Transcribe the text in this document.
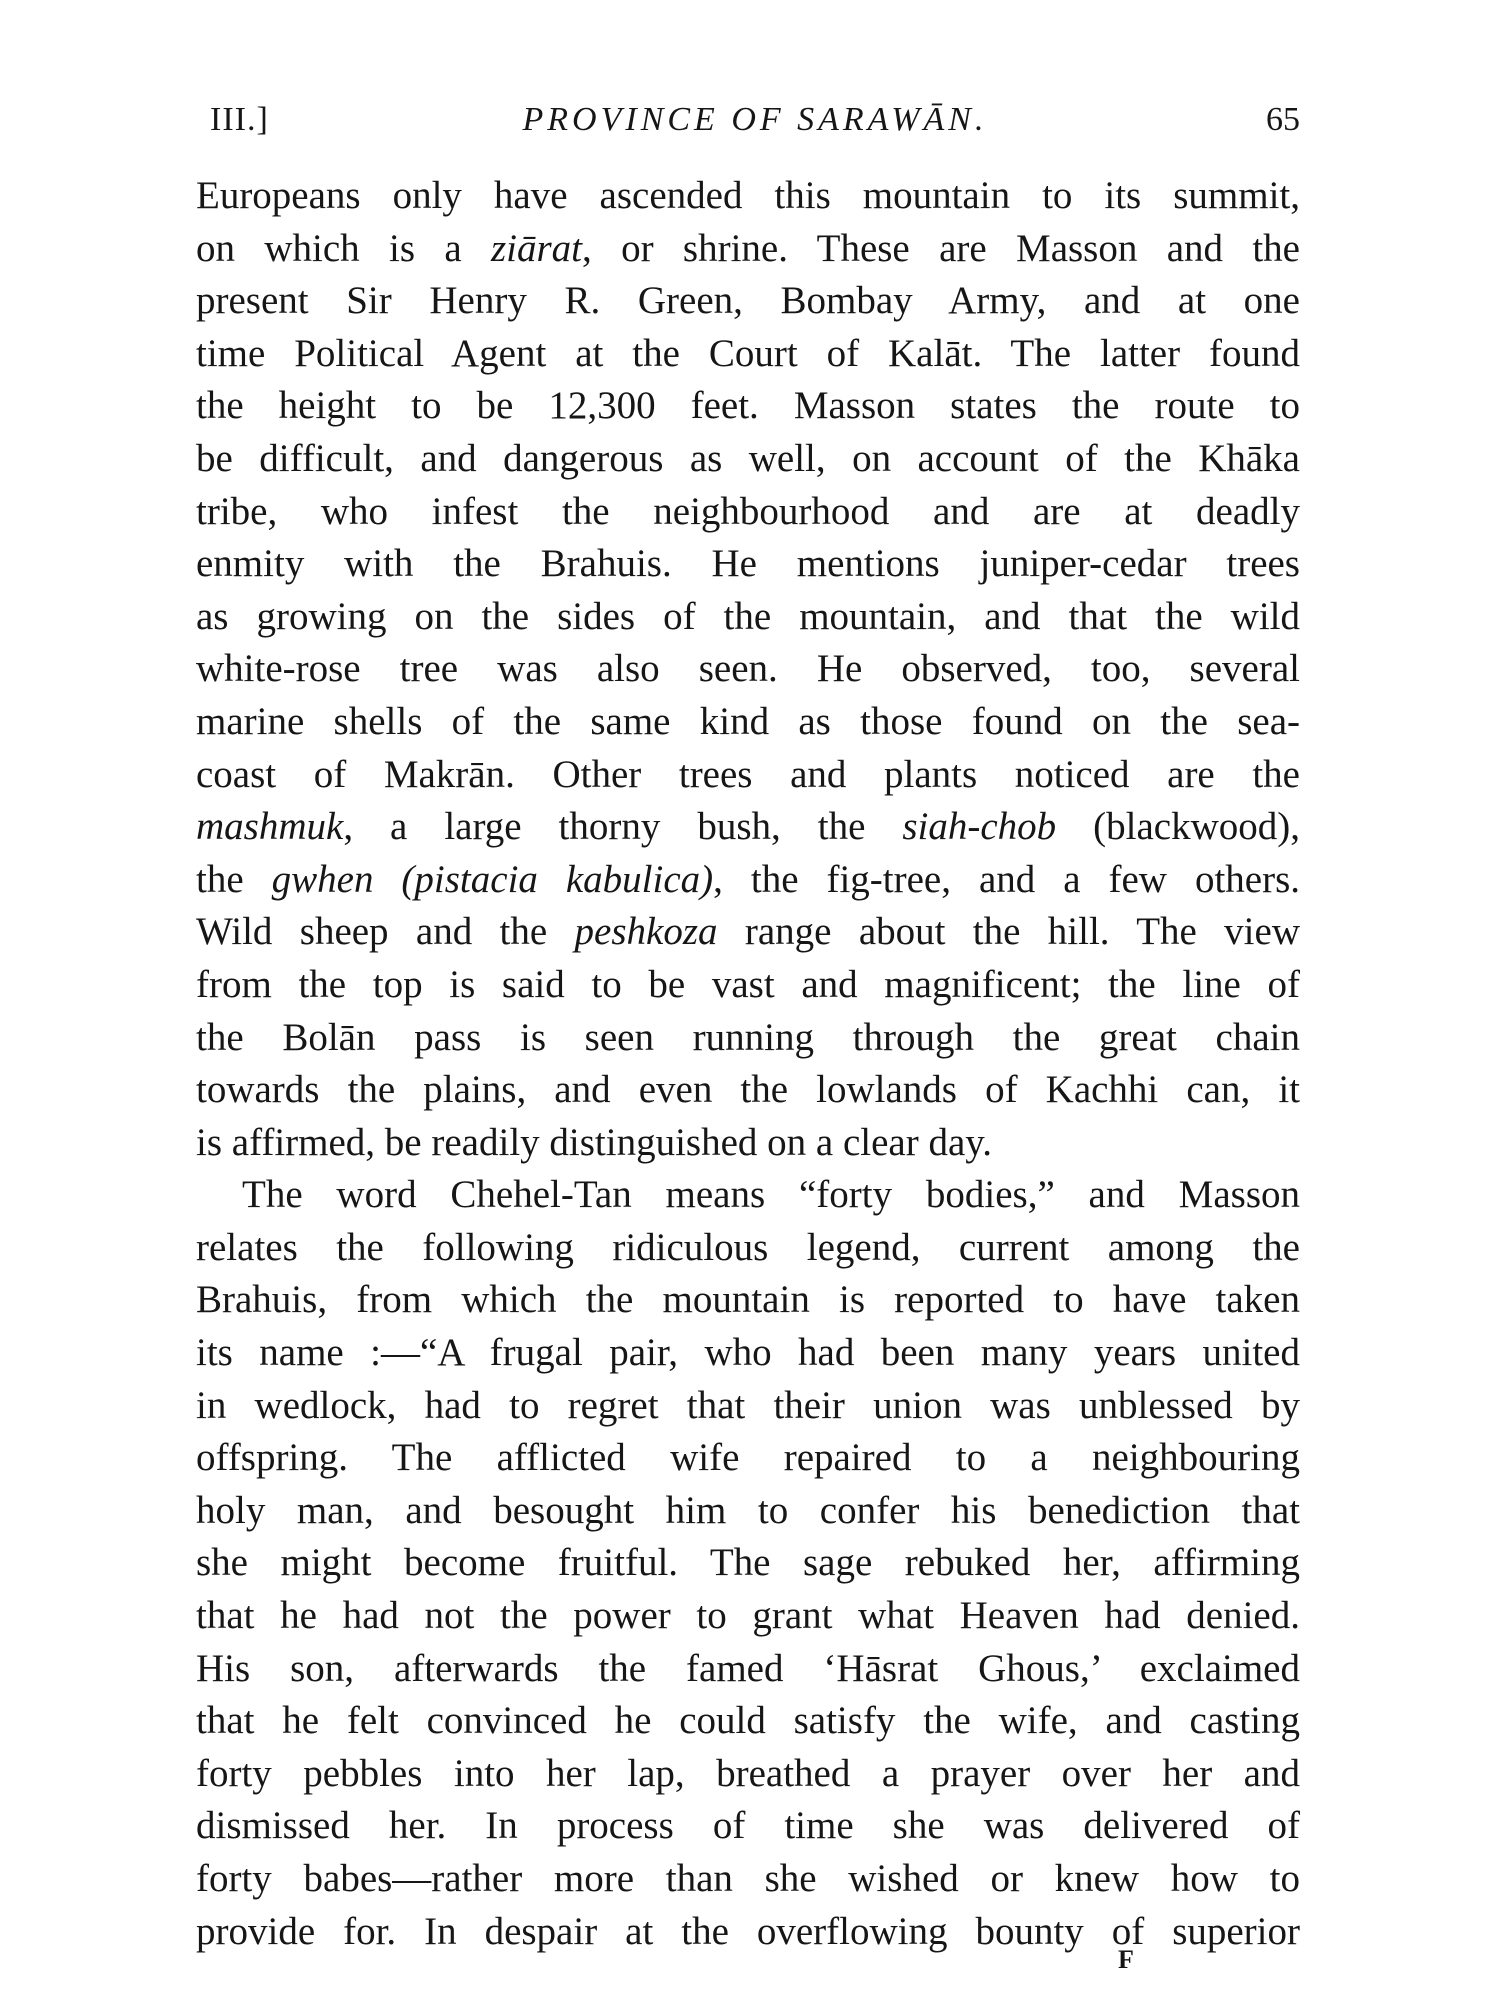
III.]	PROVINCE OF SARAWĀN.	65

Europeans only have ascended this mountain to its summit,
on which is a ziārat, or shrine. These are Masson and the
present Sir Henry R. Green, Bombay Army, and at one
time Political Agent at the Court of Kalāt. The latter found
the height to be 12,300 feet. Masson states the route to
be difficult, and dangerous as well, on account of the Khāka
tribe, who infest the neighbourhood and are at deadly
enmity with the Brahuis. He mentions juniper-cedar trees
as growing on the sides of the mountain, and that the wild
white-rose tree was also seen. He observed, too, several
marine shells of the same kind as those found on the sea-
coast of Makrān. Other trees and plants noticed are the
mashmuk, a large thorny bush, the siah-chob (blackwood),
the gwhen (pistacia kabulica), the fig-tree, and a few others.
Wild sheep and the peshkoza range about the hill. The view
from the top is said to be vast and magnificent; the line of
the Bolān pass is seen running through the great chain
towards the plains, and even the lowlands of Kachhi can, it
is affirmed, be readily distinguished on a clear day.

The word Chehel-Tan means “forty bodies,” and Masson
relates the following ridiculous legend, current among the
Brahuis, from which the mountain is reported to have taken
its name :—“A frugal pair, who had been many years united
in wedlock, had to regret that their union was unblessed by
offspring. The afflicted wife repaired to a neighbouring
holy man, and besought him to confer his benediction that
she might become fruitful. The sage rebuked her, affirming
that he had not the power to grant what Heaven had denied.
His son, afterwards the famed ‘Hāsrat Ghous,’ exclaimed
that he felt convinced he could satisfy the wife, and casting
forty pebbles into her lap, breathed a prayer over her and
dismissed her. In process of time she was delivered of
forty babes—rather more than she wished or knew how to
provide for. In despair at the overflowing bounty of superior

F
